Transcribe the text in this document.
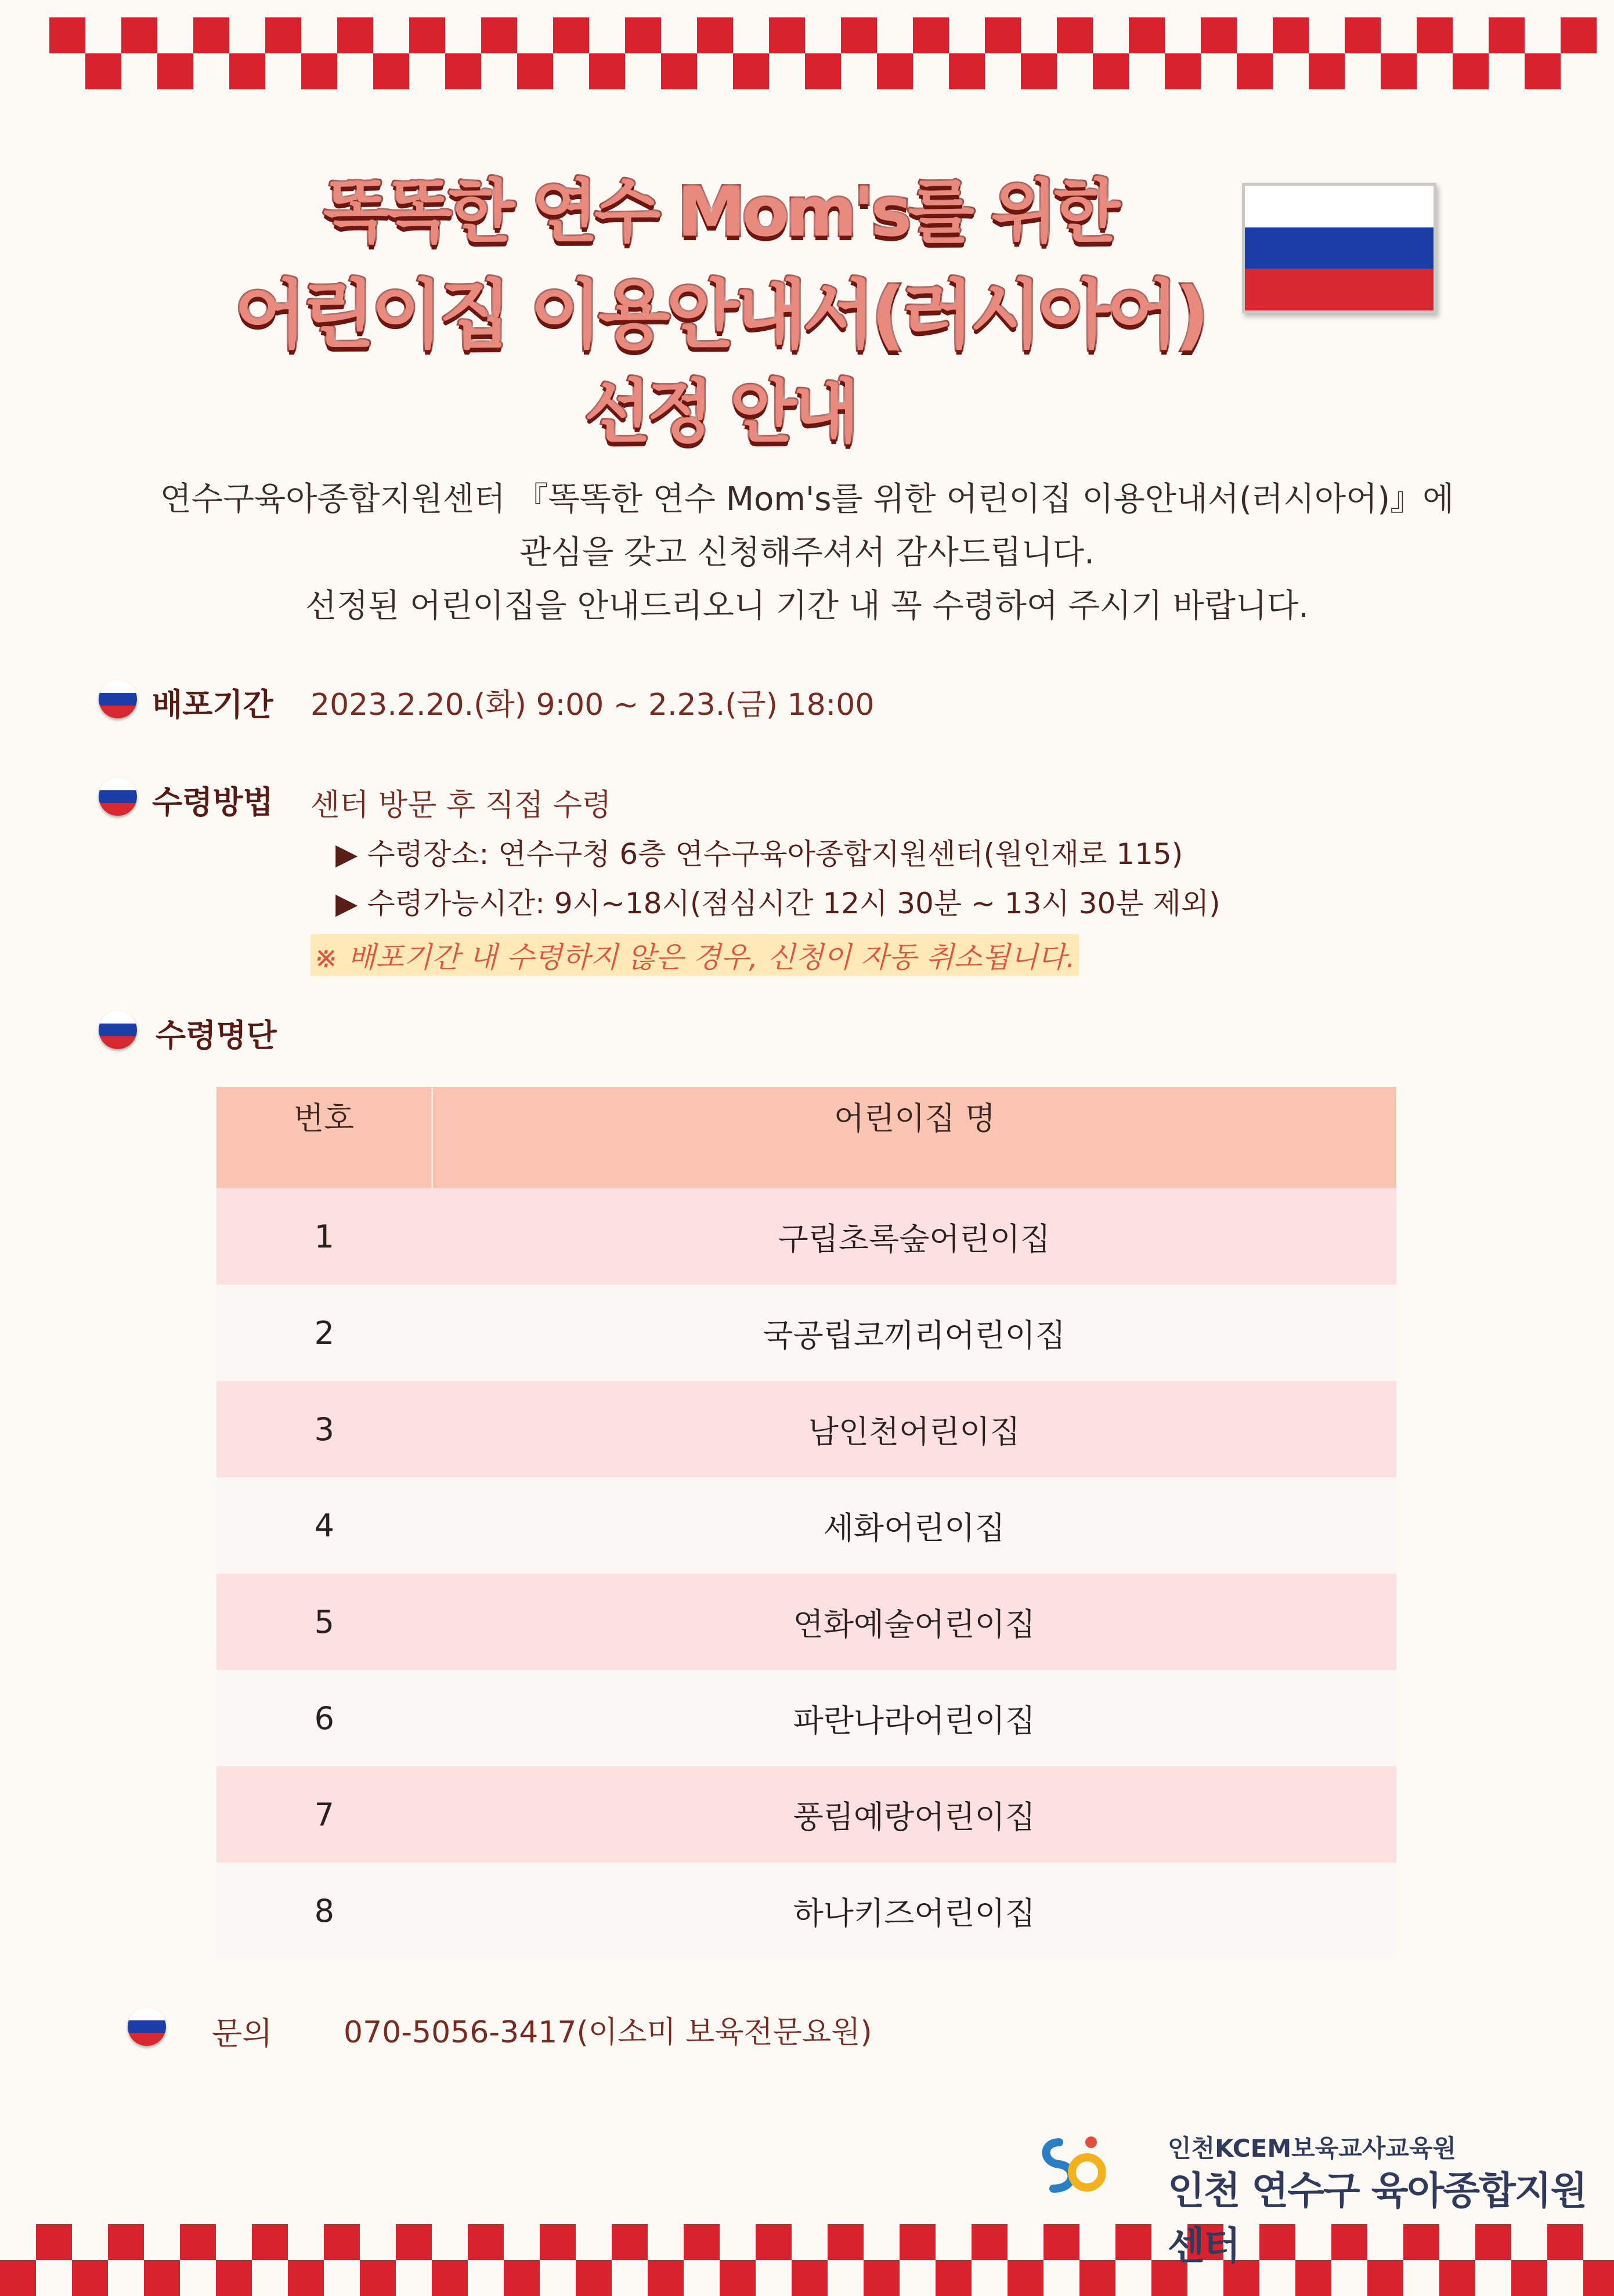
똑똑한 연수 Mom's를 위한
어린이집 이용안내서(러시아어)
선정 안내
연수구육아종합지원센터 『똑똑한 연수 Mom's를 위한 어린이집 이용안내서(러시아어)』에
관심을 갖고 신청해주셔서 감사드립니다.
선정된 어린이집을 안내드리오니 기간 내 꼭 수령하여 주시기 바랍니다.
배포기간 2023.2.20.(화) 9:00 ~ 2.23.(금) 18:00
수령방법 센터 방문 후 직접 수령
▶ 수령장소: 연수구청 6층 연수구육아종합지원센터(원인재로 115)
▶ 수령가능시간: 9시~18시(점심시간 12시 30분 ~ 13시 30분 제외)
※ 배포기간 내 수령하지 않은 경우, 신청이 자동 취소됩니다.
수령명단
번호	어린이집 명
1	구립초록숲어린이집
2	국공립코끼리어린이집
3	남인천어린이집
4	세화어린이집
5	연화예술어린이집
6	파란나라어린이집
7	풍림예랑어린이집
8	하나키즈어린이집
문의 070-5056-3417(이소미 보육전문요원)
인천KCEM보육교사교육원
인천 연수구 육아종합지원센터
